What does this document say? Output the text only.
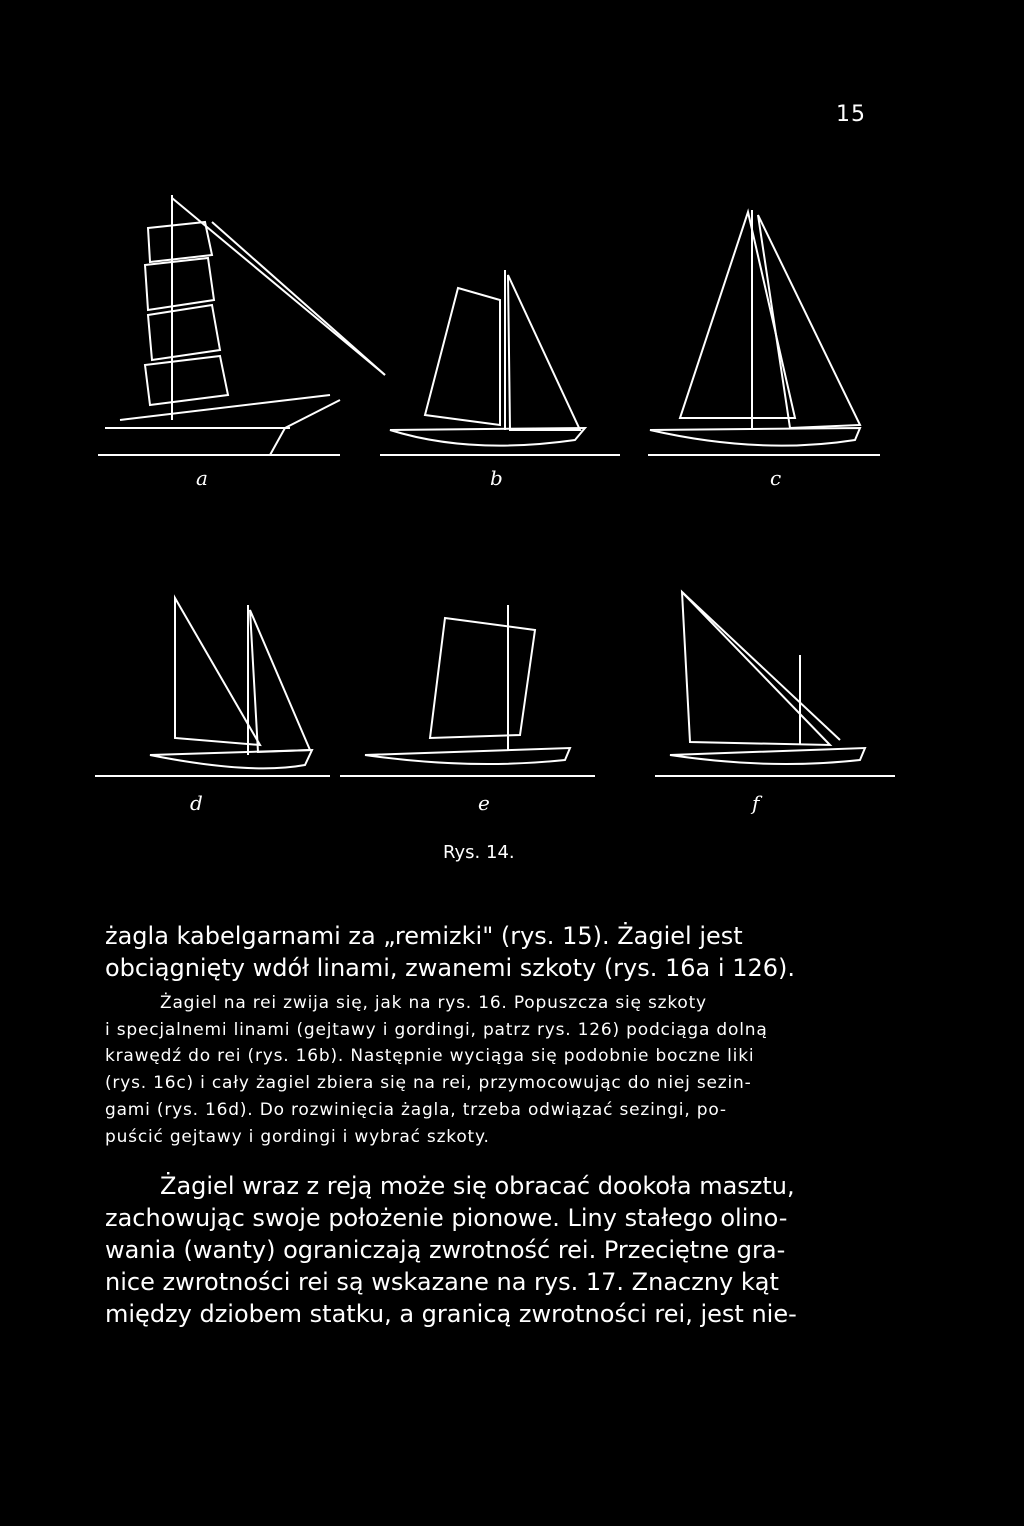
15
a	b	c
d	e	f
Rys. 14.
żagla kabelgarnami za „remizki" (rys. 15). Żagiel jest
obciągnięty wdół linami, zwanemi szkoty (rys. 16a i 126).
Żagiel na rei zwija się, jak na rys. 16. Popuszcza się szkoty
i specjalnemi linami (gejtawy i gordingi, patrz rys. 126) podciąga dolną
krawędź do rei (rys. 16b). Następnie wyciąga się podobnie boczne liki
(rys. 16c) i cały żagiel zbiera się na rei, przymocowując do niej sezin-
gami (rys. 16d). Do rozwinięcia żagla, trzeba odwiązać sezingi, po-
puścić gejtawy i gordingi i wybrać szkoty.
Żagiel wraz z reją może się obracać dookoła masztu,
zachowując swoje położenie pionowe. Liny stałego olino-
wania (wanty) ograniczają zwrotność rei. Przeciętne gra-
nice zwrotności rei są wskazane na rys. 17. Znaczny kąt
między dziobem statku, a granicą zwrotności rei, jest nie-
